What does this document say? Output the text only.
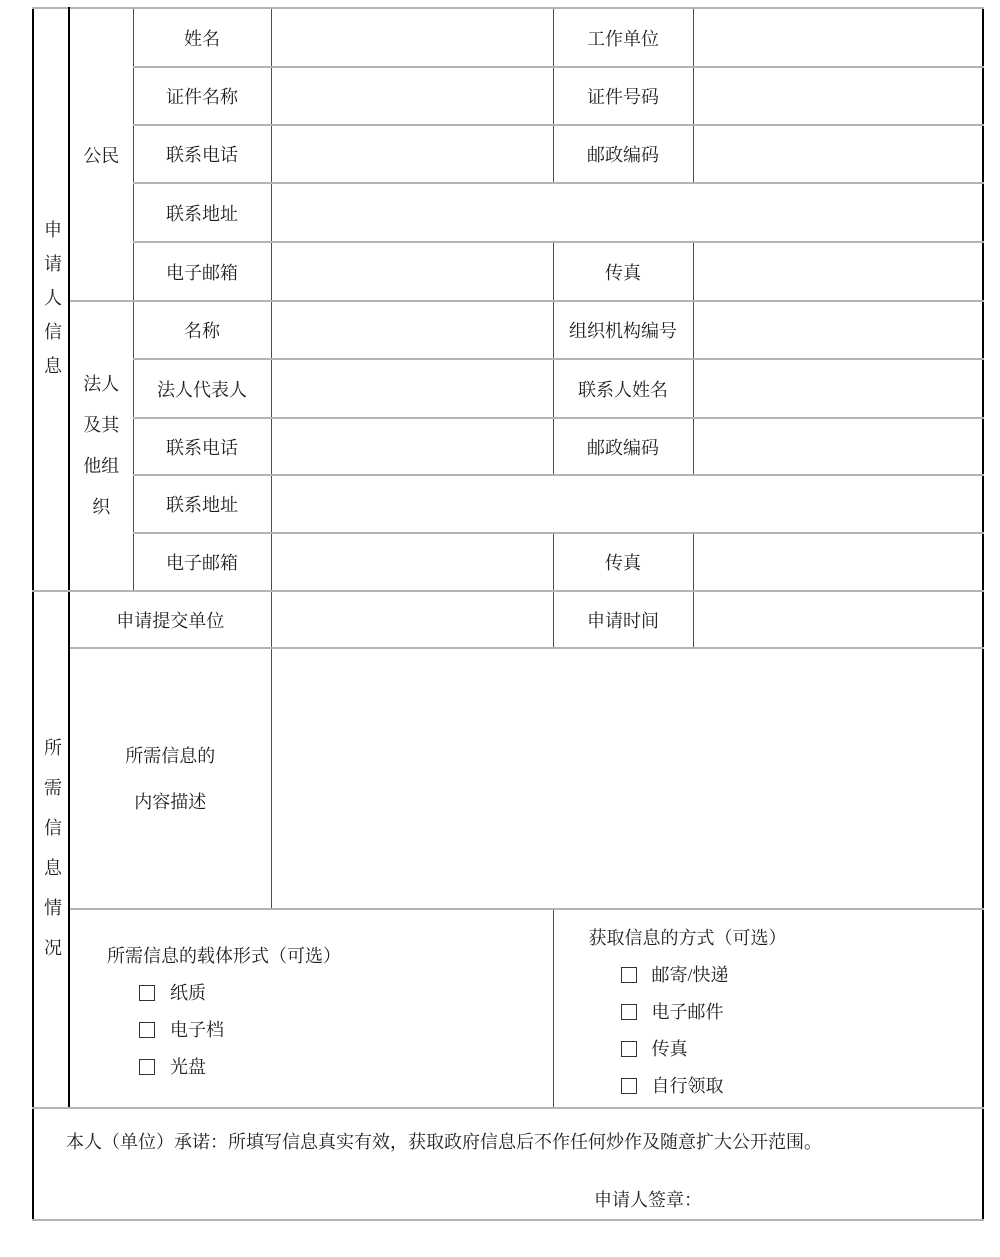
申请人信息	公民	姓名		工作单位	
		证件名称		证件号码	
		联系电话		邮政编码	
		联系地址			
		电子邮箱		传真	
	法人及其他组织	名称		组织机构编号	
		法人代表人		联系人姓名	
		联系电话		邮政编码	
		联系地址			
		电子邮箱		传真	
所需信息情况	申请提交单位			申请时间	

	所需信息的
内容描述				

所需信息的载体形式（可选）
纸质
电子档
光盘

获取信息的方式（可选）
邮寄/快递
电子邮件
传真
自行领取

本人（单位）承诺：所填写信息真实有效，获取政府信息后不作任何炒作及随意扩大公开范围。
申请人签章：					
